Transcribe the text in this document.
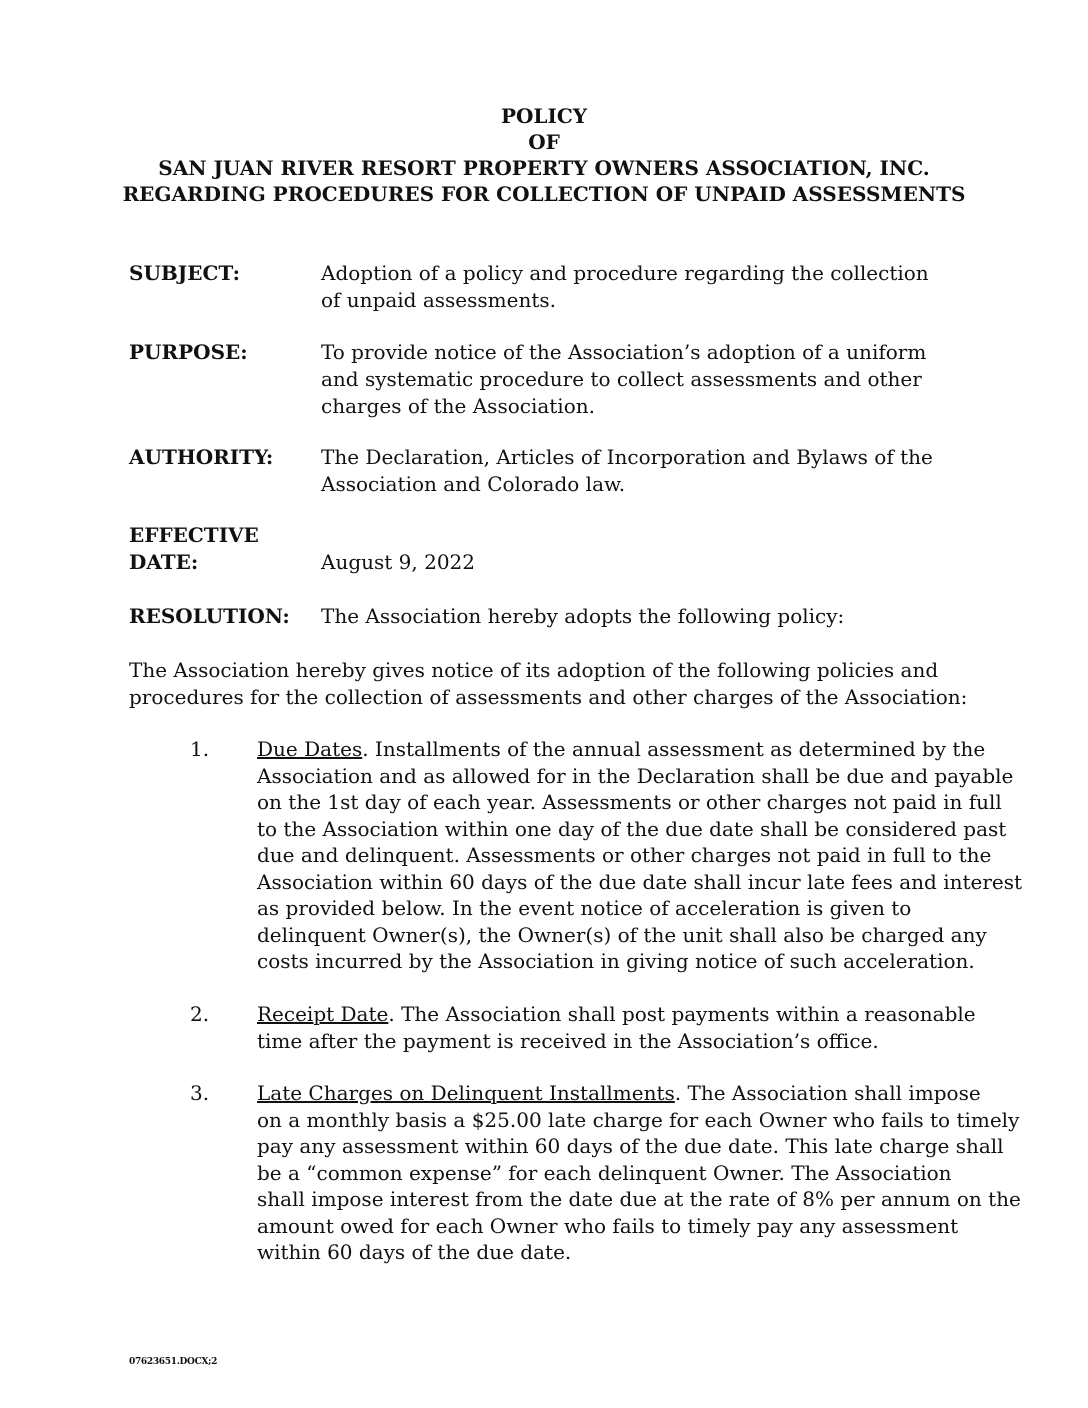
POLICY
OF
SAN JUAN RIVER RESORT PROPERTY OWNERS ASSOCIATION, INC.
REGARDING PROCEDURES FOR COLLECTION OF UNPAID ASSESSMENTS
SUBJECT:	Adoption of a policy and procedure regarding the collection
of unpaid assessments.
PURPOSE:	To provide notice of the Association’s adoption of a uniform
and systematic procedure to collect assessments and other
charges of the Association.
AUTHORITY: The Declaration, Articles of Incorporation and Bylaws of the
Association and Colorado law.
EFFECTIVE
DATE:	August 9, 2022
RESOLUTION: The Association hereby adopts the following policy:
The Association hereby gives notice of its adoption of the following policies and
procedures for the collection of assessments and other charges of the Association:
1. Due Dates. Installments of the annual assessment as determined by the
Association and as allowed for in the Declaration shall be due and payable
on the 1st day of each year. Assessments or other charges not paid in full
to the Association within one day of the due date shall be considered past
due and delinquent. Assessments or other charges not paid in full to the
Association within 60 days of the due date shall incur late fees and interest
as provided below. In the event notice of acceleration is given to
delinquent Owner(s), the Owner(s) of the unit shall also be charged any
costs incurred by the Association in giving notice of such acceleration.
2. Receipt Date. The Association shall post payments within a reasonable
time after the payment is received in the Association’s office.
3. Late Charges on Delinquent Installments. The Association shall impose
on a monthly basis a $25.00 late charge for each Owner who fails to timely
pay any assessment within 60 days of the due date. This late charge shall
be a “common expense” for each delinquent Owner. The Association
shall impose interest from the date due at the rate of 8% per annum on the
amount owed for each Owner who fails to timely pay any assessment
within 60 days of the due date.
07623651.DOCX;2
